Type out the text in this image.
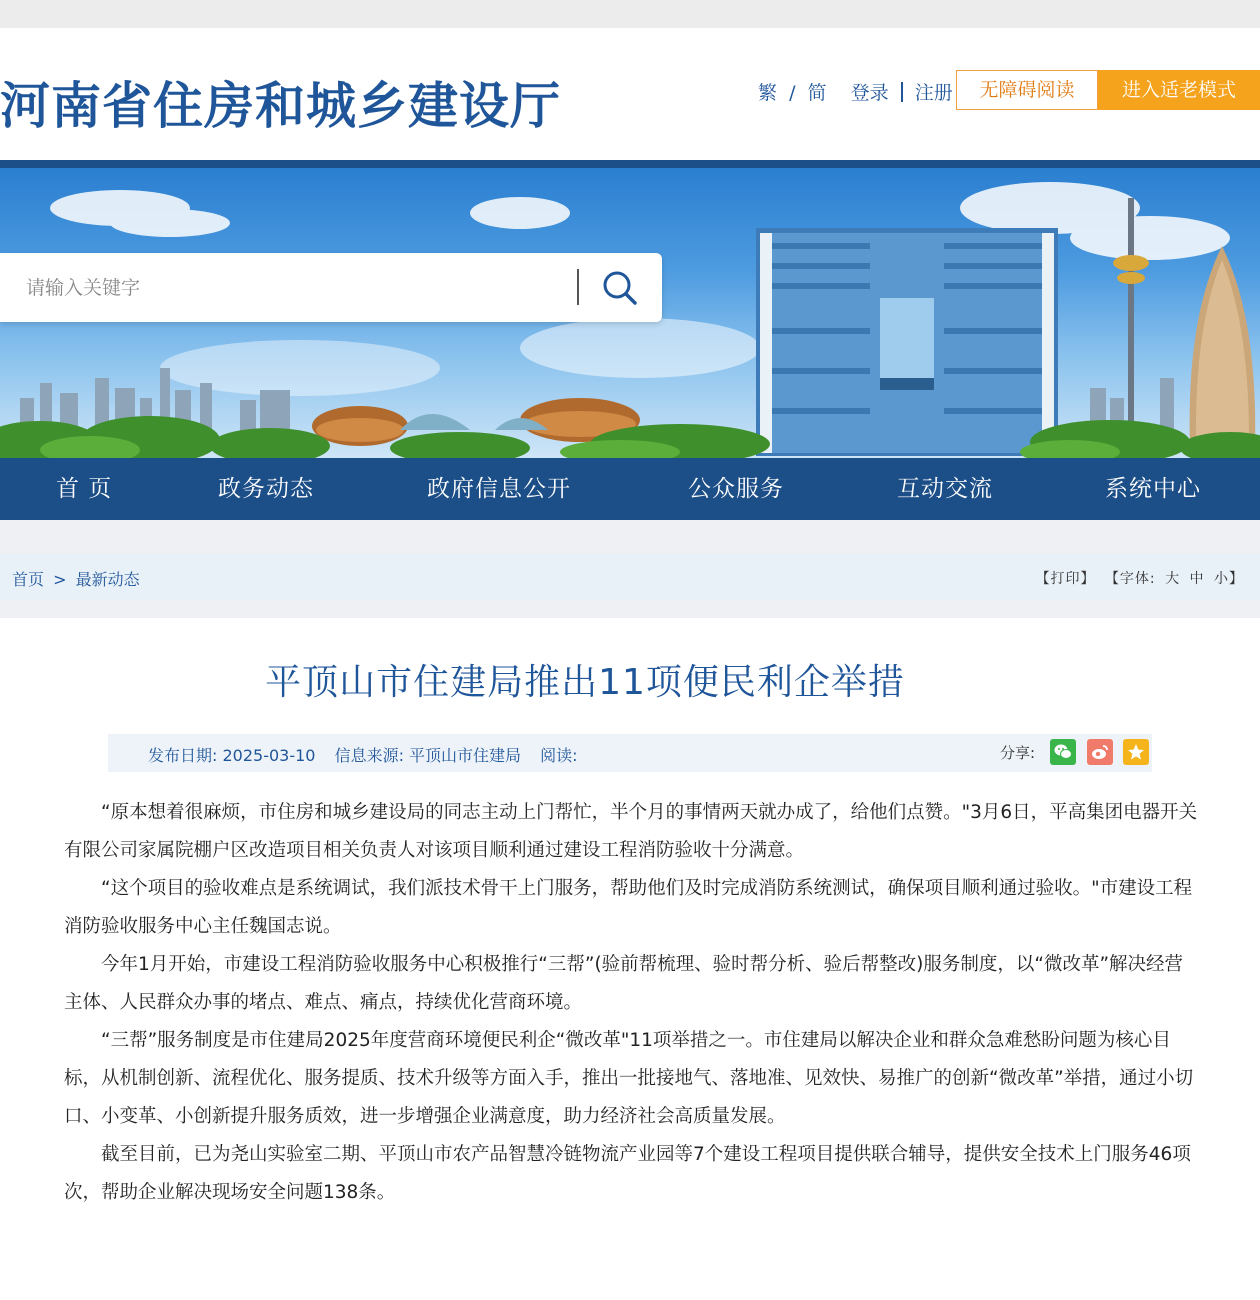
河南省住房和城乡建设厅	繁 / 简 登录 注册	无障碍阅读	进入适老模式
请输入关键字
首 页	政务动态	政府信息公开	公众服务	互动交流	系统中心
首页 > 最新动态	【打印】 【字体: 大 中 小】
平顶山市住建局推出11项便民利企举措
发布日期: 2025-03-10 信息来源: 平顶山市住建局 阅读:	分享:

“原本想着很麻烦，市住房和城乡建设局的同志主动上门帮忙，半个月的事情两天就办成了，给他们点赞。"3月6日，平高集团电器开关有限公司家属院棚户区改造项目相关负责人对该项目顺利通过建设工程消防验收十分满意。

“这个项目的验收难点是系统调试，我们派技术骨干上门服务，帮助他们及时完成消防系统测试，确保项目顺利通过验收。"市建设工程消防验收服务中心主任魏国志说。

今年1月开始，市建设工程消防验收服务中心积极推行“三帮”(验前帮梳理、验时帮分析、验后帮整改)服务制度，以“微改革”解决经营主体、人民群众办事的堵点、难点、痛点，持续优化营商环境。

“三帮”服务制度是市住建局2025年度营商环境便民利企“微改革"11项举措之一。市住建局以解决企业和群众急难愁盼问题为核心目标，从机制创新、流程优化、服务提质、技术升级等方面入手，推出一批接地气、落地准、见效快、易推广的创新“微改革”举措，通过小切口、小变革、小创新提升服务质效，进一步增强企业满意度，助力经济社会高质量发展。

截至目前，已为尧山实验室二期、平顶山市农产品智慧冷链物流产业园等7个建设工程项目提供联合辅导，提供安全技术上门服务46项次，帮助企业解决现场安全问题138条。
